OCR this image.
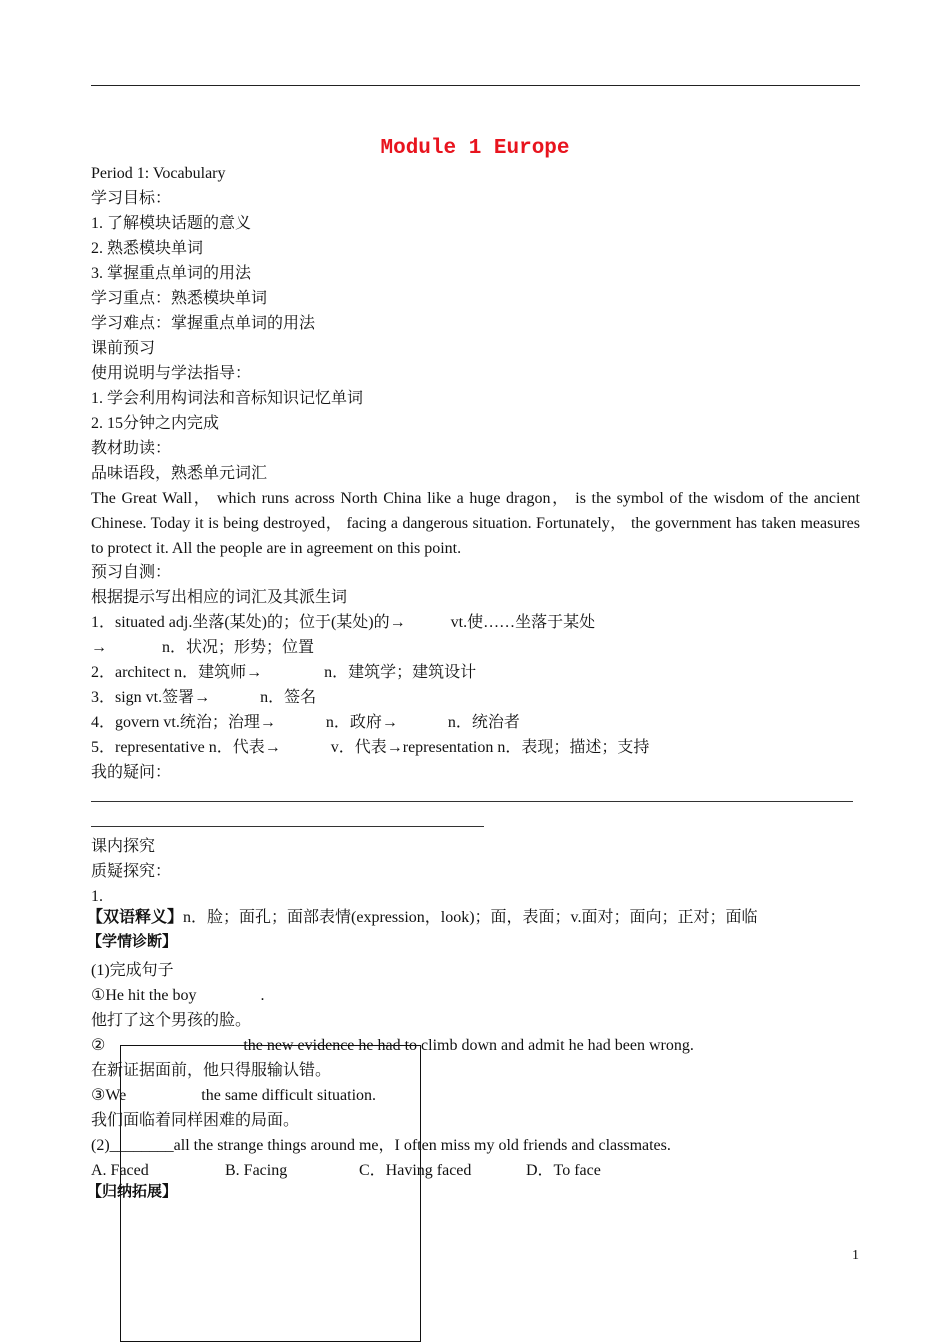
Module 1 Europe
Period 1: Vocabulary
学习目标：
1. 了解模块话题的意义
2. 熟悉模块单词
3. 掌握重点单词的用法
学习重点：熟悉模块单词
学习难点：掌握重点单词的用法
课前预习
使用说明与学法指导：
1. 学会利用构词法和音标知识记忆单词
2. 15分钟之内完成
教材助读：
品味语段，熟悉单元词汇
The Great Wall， which runs across North China like a huge dragon， is the symbol of the wisdom of the ancient Chinese. Today it is being destroyed， facing a dangerous situation. Fortunately， the government has taken measures to protect it. All the people are in agreement on this point.
预习自测：
根据提示写出相应的词汇及其派生词
1．situated adj.坐落(某处)的；位于(某处)的→	vt.使……坐落于某处
→	n．状况；形势；位置
2．architect n．建筑师→	n．建筑学；建筑设计
3．sign vt.签署→	n．签名
4．govern vt.统治；治理→	n．政府→	n．统治者
5．representative n．代表→	v．代表→representation n．表现；描述；支持
我的疑问：
课内探究
质疑探究：
1.
【双语释义】n．脸；面孔；面部表情(expression，look)；面，表面；v.面对；面向；正对；面临
【学情诊断】
(1)完成句子
①He hit the boy	.
他打了这个男孩的脸。
②	the new evidence he had to climb down and admit he had been wrong.
在新证据面前，他只得服输认错。
③We	the same difficult situation.
我们面临着同样困难的局面。
(2)________all the strange things around me，I often miss my old friends and classmates.
A. Faced	B. Facing	C．Having faced	D．To face
【归纳拓展】
1
